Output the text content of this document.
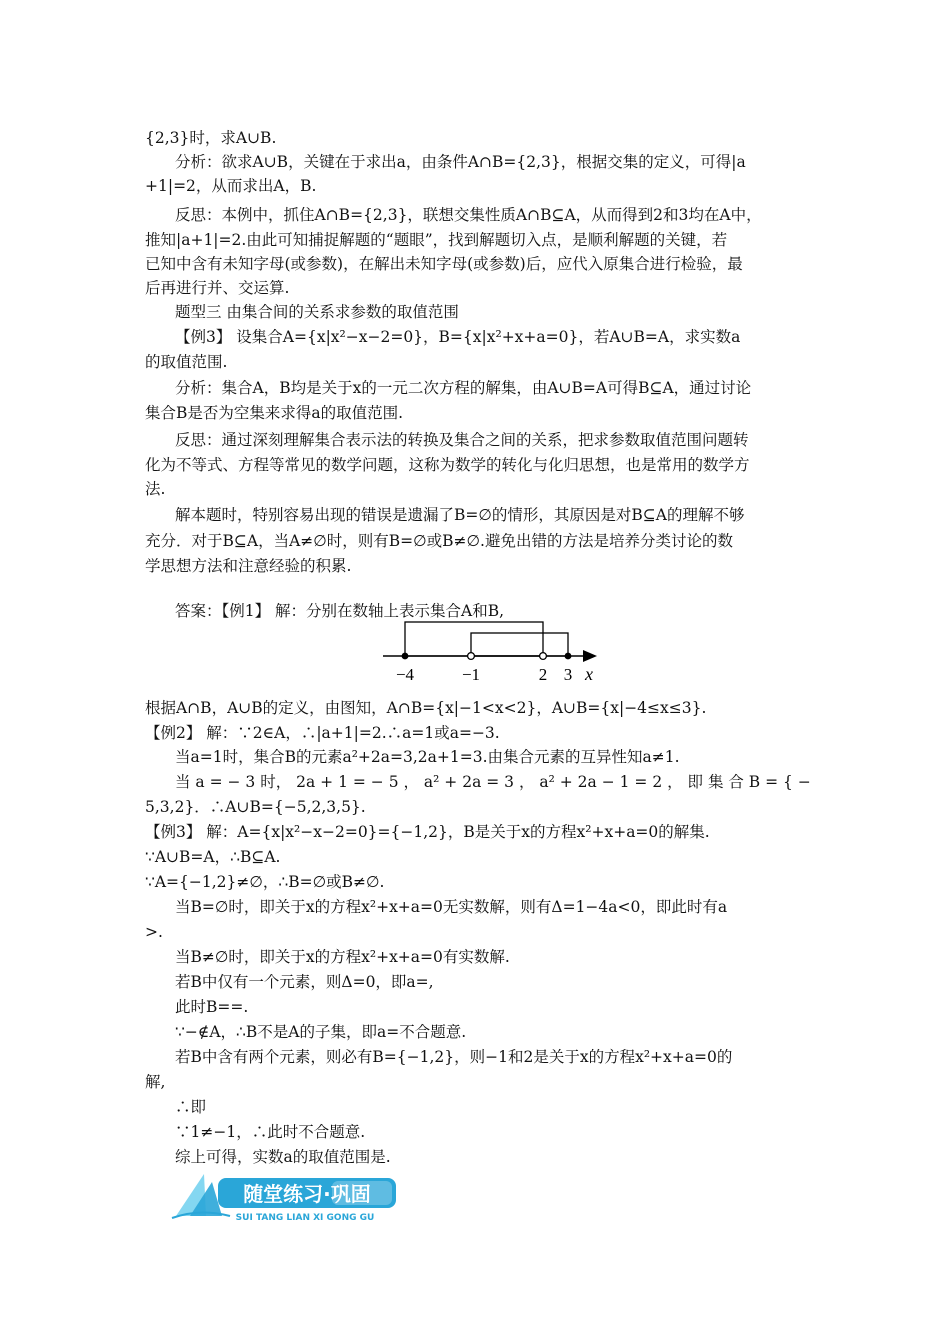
{2,3}时，求A∪B.
分析：欲求A∪B，关键在于求出a，由条件A∩B={2,3}，根据交集的定义，可得|a
+1|=2，从而求出A，B.
反思：本例中，抓住A∩B={2,3}，联想交集性质A∩B⊆A，从而得到2和3均在A中，
推知|a+1|=2.由此可知捕捉解题的“题眼”，找到解题切入点，是顺利解题的关键，若
已知中含有未知字母(或参数)，在解出未知字母(或参数)后，应代入原集合进行检验，最
后再进行并、交运算.
题型三 由集合间的关系求参数的取值范围
【例3】 设集合A={x|x²−x−2=0}，B={x|x²+x+a=0}，若A∪B=A，求实数a
的取值范围.
分析：集合A，B均是关于x的一元二次方程的解集，由A∪B=A可得B⊆A，通过讨论
集合B是否为空集来求得a的取值范围.
反思：通过深刻理解集合表示法的转换及集合之间的关系，把求参数取值范围问题转
化为不等式、方程等常见的数学问题，这称为数学的转化与化归思想，也是常用的数学方
法.
解本题时，特别容易出现的错误是遗漏了B=∅的情形，其原因是对B⊆A的理解不够
充分．对于B⊆A，当A≠∅时，则有B=∅或B≠∅.避免出错的方法是培养分类讨论的数
学思想方法和注意经验的积累.
答案：【例1】 解：分别在数轴上表示集合A和B,
−4	−1	2 3 x
根据A∩B，A∪B的定义，由图知，A∩B={x|−1<x<2}，A∪B={x|−4≤x≤3}.
【例2】 解：∵2∈A，∴|a+1|=2.∴a=1或a=−3.
当a=1时，集合B的元素a²+2a=3,2a+1=3.由集合元素的互异性知a≠1.
当 a = − 3 时， 2a + 1 = − 5 ， a² + 2a = 3 ， a² + 2a − 1 = 2 ， 即 集 合 B = { −
5,3,2}．∴A∪B={−5,2,3,5}.
【例3】 解：A={x|x²−x−2=0}={−1,2}，B是关于x的方程x²+x+a=0的解集.
∵A∪B=A，∴B⊆A.
∵A={−1,2}≠∅，∴B=∅或B≠∅.
当B=∅时，即关于x的方程x²+x+a=0无实数解，则有Δ=1−4a<0，即此时有a
>.
当B≠∅时，即关于x的方程x²+x+a=0有实数解.
若B中仅有一个元素，则Δ=0，即a=,
此时B==.
∵−∉A，∴B不是A的子集，即a=不合题意.
若B中含有两个元素，则必有B={−1,2}，则−1和2是关于x的方程x²+x+a=0的
解,
∴即
∵1≠−1，∴此时不合题意.
综上可得，实数a的取值范围是.
随堂练习·巩固
SUI TANG LIAN XI GONG GU
